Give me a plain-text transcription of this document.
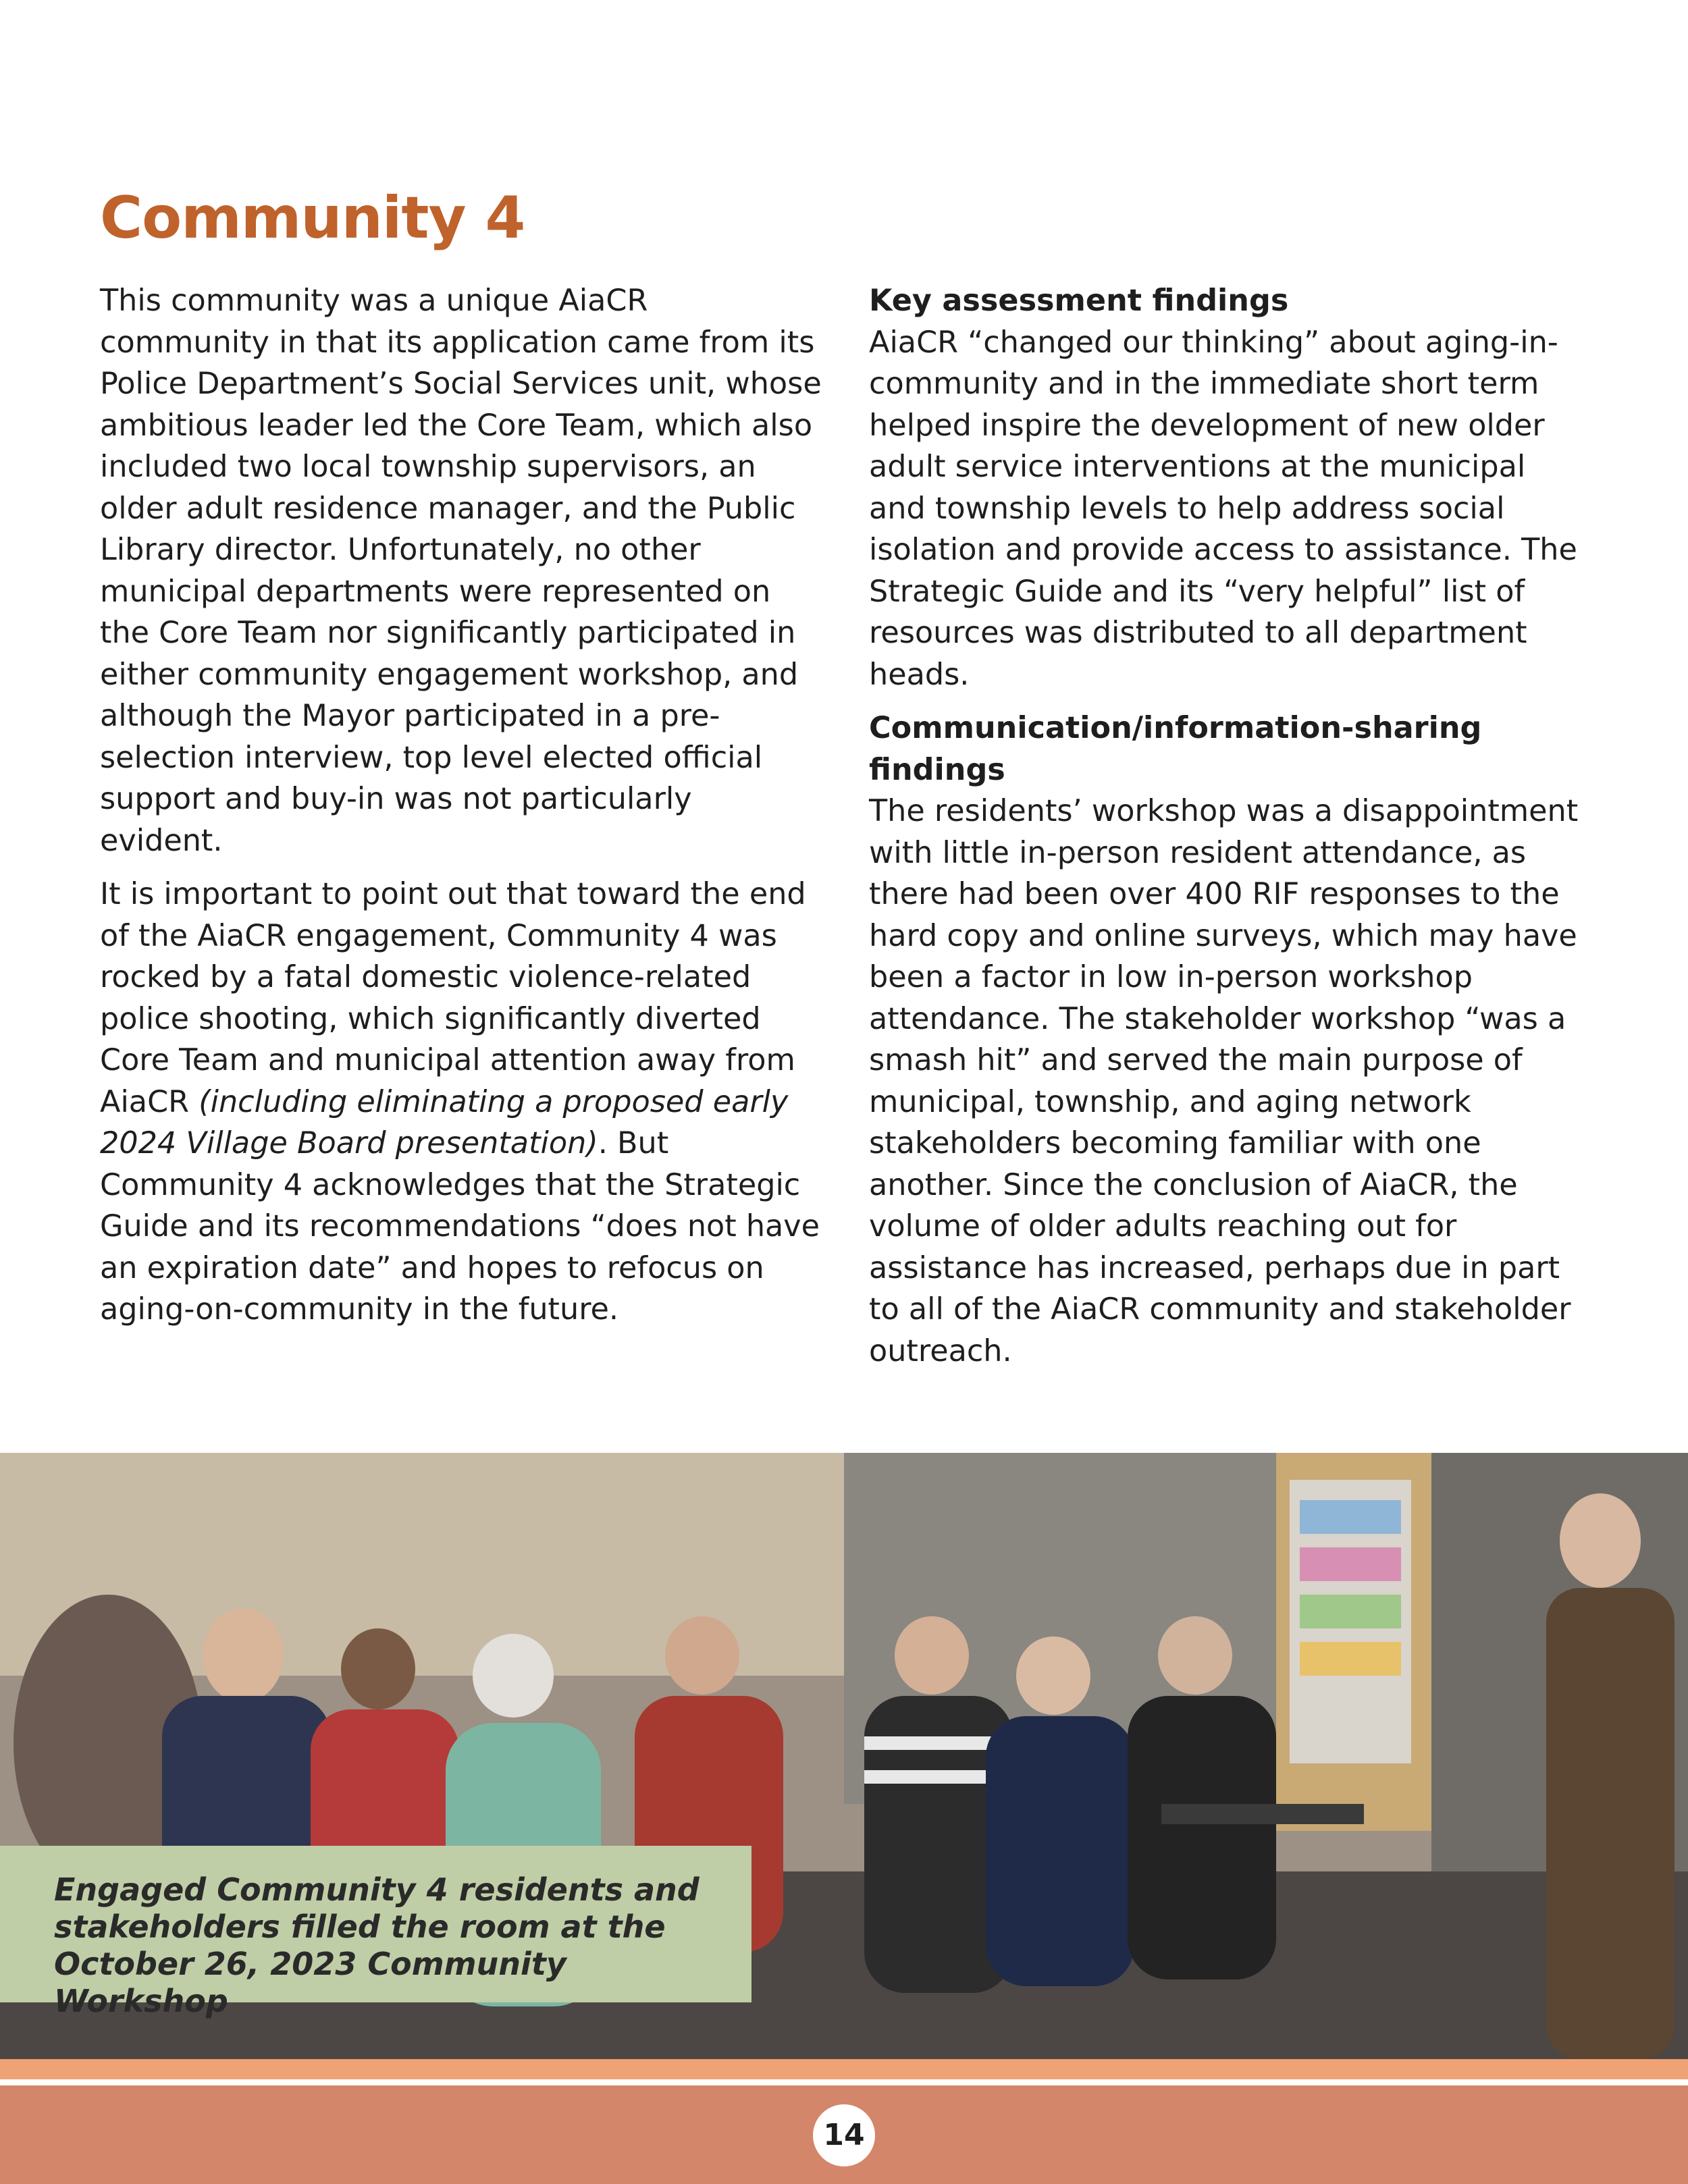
Community 4

This community was a unique AiaCR community in that its application came from its Police Department’s Social Services unit, whose ambitious leader led the Core Team, which also included two local township supervisors, an older adult residence manager, and the Public Library director. Unfortunately, no other municipal departments were represented on the Core Team nor significantly participated in either community engagement workshop, and although the Mayor participated in a pre-selection interview, top level elected official support and buy-in was not particularly evident.

It is important to point out that toward the end of the AiaCR engagement, Community 4 was rocked by a fatal domestic violence-related police shooting, which significantly diverted Core Team and municipal attention away from AiaCR (including eliminating a proposed early 2024 Village Board presentation). But Community 4 acknowledges that the Strategic Guide and its recommendations “does not have an expiration date” and hopes to refocus on aging-on-community in the future.

Key assessment findings

AiaCR “changed our thinking” about aging-in-community and in the immediate short term helped inspire the development of new older adult service interventions at the municipal and township levels to help address social isolation and provide access to assistance. The Strategic Guide and its “very helpful” list of resources was distributed to all department heads.

Communication/information-sharing findings

The residents’ workshop was a disappointment with little in-person resident attendance, as there had been over 400 RIF responses to the hard copy and online surveys, which may have been a factor in low in-person workshop attendance. The stakeholder workshop “was a smash hit” and served the main purpose of municipal, township, and aging network stakeholders becoming familiar with one another. Since the conclusion of AiaCR, the volume of older adults reaching out for assistance has increased, perhaps due in part to all of the AiaCR community and stakeholder outreach.

Engaged Community 4 residents and stakeholders filled the room at the October 26, 2023 Community Workshop
14
